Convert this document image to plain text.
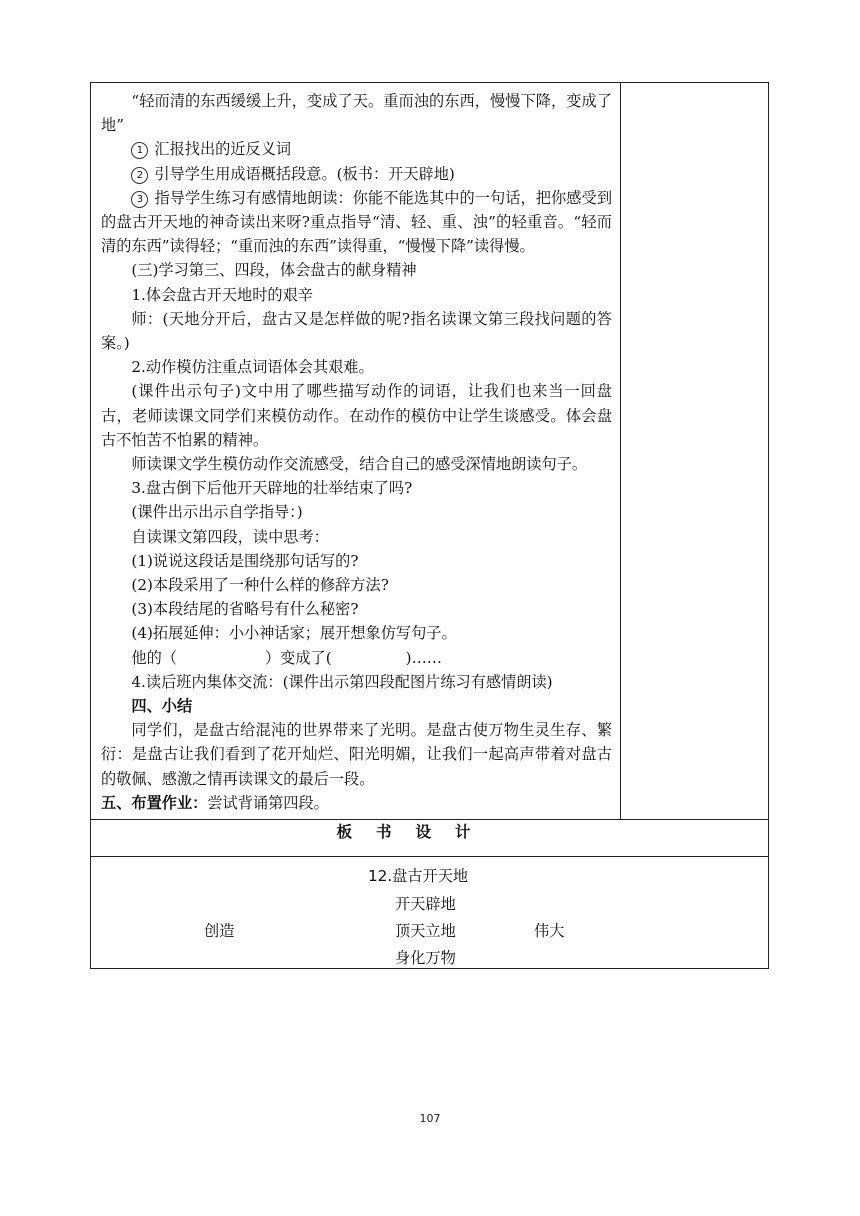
“轻而清的东西缓缓上升，变成了天。重而浊的东西，慢慢下降，变成了地”

1 汇报找出的近反义词

2 引导学生用成语概括段意。(板书：开天辟地)

3 指导学生练习有感情地朗读：你能不能选其中的一句话，把你感受到的盘古开天地的神奇读出来呀?重点指导“清、轻、重、浊”的轻重音。“轻而清的东西”读得轻；“重而浊的东西”读得重，“慢慢下降”读得慢。

(三)学习第三、四段，体会盘古的献身精神

1.体会盘古开天地时的艰辛

师：(天地分开后，盘古又是怎样做的呢?指名读课文第三段找问题的答案。)

2.动作模仿注重点词语体会其艰难。

(课件出示句子)文中用了哪些描写动作的词语，让我们也来当一回盘古，老师读课文同学们来模仿动作。在动作的模仿中让学生谈感受。体会盘古不怕苦不怕累的精神。

师读课文学生模仿动作交流感受，结合自己的感受深情地朗读句子。

3.盘古倒下后他开天辟地的壮举结束了吗?

(课件出示出示自学指导：)

自读课文第四段，读中思考：

(1)说说这段话是围绕那句话写的?

(2)本段采用了一种什么样的修辞方法?

(3)本段结尾的省略号有什么秘密?

(4)拓展延伸：小小神话家；展开想象仿写句子。

他的（	）变成了(	)……

4.读后班内集体交流：(课件出示第四段配图片练习有感情朗读)

四、小结

同学们，是盘古给混沌的世界带来了光明。是盘古使万物生灵生存、繁衍：是盘古让我们看到了花开灿烂、阳光明媚，让我们一起高声带着对盘古的敬佩、感激之情再读课文的最后一段。

五、布置作业：尝试背诵第四段。

板书设计

12.盘古开天地
开天辟地
创造	顶天立地	伟大
身化万物
107
